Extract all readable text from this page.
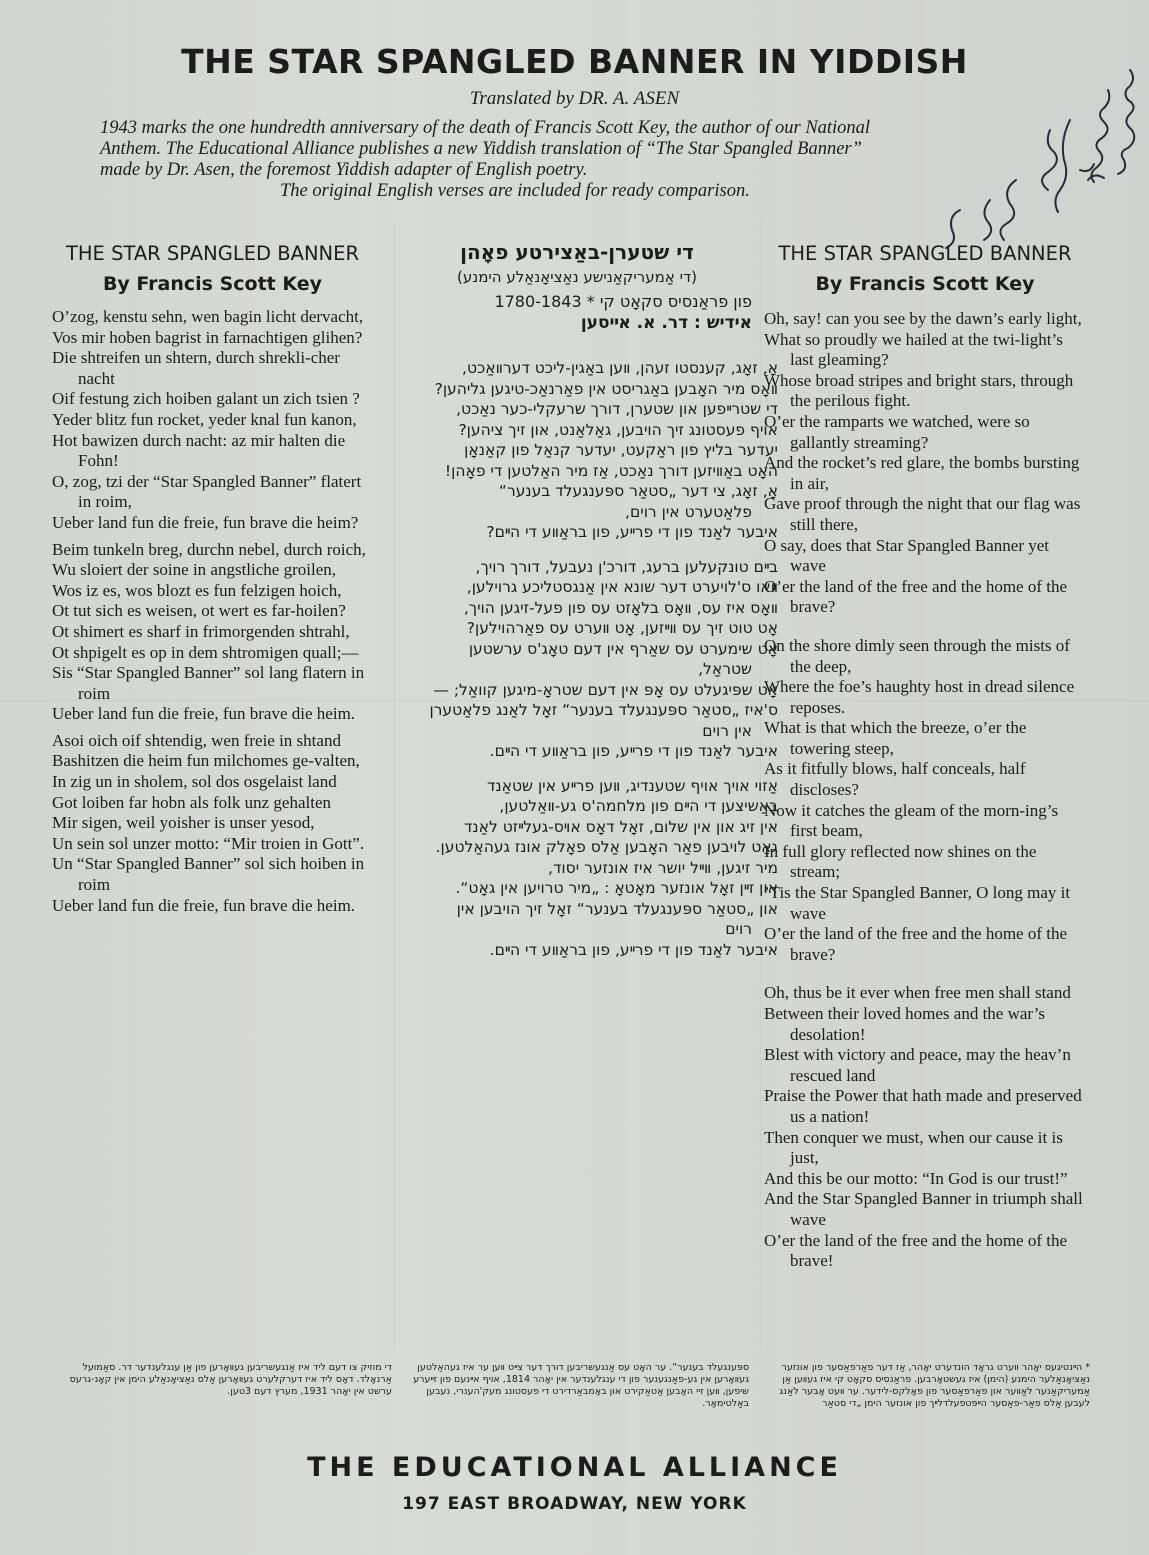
THE STAR SPANGLED BANNER IN YIDDISH
Translated by DR. A. ASEN
1943 marks the one hundredth anniversary of the death of Francis Scott Key, the author of our National
Anthem. The Educational Alliance publishes a new Yiddish translation of “The Star Spangled Banner”
made by Dr. Asen, the foremost Yiddish adapter of English poetry.
The original English verses are included for ready comparison.
THE STAR SPANGLED BANNER
By Francis Scott Key

O’zog, kenstu sehn, wen bagin licht dervacht,

Vos mir hoben bagrist in farnachtigen glihen?

Die shtreifen un shtern, durch shrekli-cher nacht

Oif festung zich hoiben galant un zich tsien ?

Yeder blitz fun rocket, yeder knal fun kanon,

Hot bawizen durch nacht: az mir halten die Fohn!

O, zog, tzi der “Star Spangled Banner” flatert in roim,

Ueber land fun die freie, fun brave die heim?

Beim tunkeln breg, durchn nebel, durch roich,

Wu sloiert der soine in angstliche groilen,

Wos iz es, wos blozt es fun felzigen hoich,

Ot tut sich es weisen, ot wert es far-hoilen?

Ot shimert es sharf in frimorgenden shtrahl,

Ot shpigelt es op in dem shtromigen quall;—

Sis “Star Spangled Banner” sol lang flatern in roim

Ueber land fun die freie, fun brave die heim.

Asoi oich oif shtendig, wen freie in shtand

Bashitzen die heim fun milchomes ge-valten,

In zig un in sholem, sol dos osgelaist land

Got loiben far hobn als folk unz gehalten

Mir sigen, weil yoisher is unser yesod,

Un sein sol unzer motto: “Mir troien in Gott”.

Un “Star Spangled Banner” sol sich hoiben in roim

Ueber land fun die freie, fun brave die heim.

די שטערן-באַצירטע פאָהן
(די אַמעריקאַנישע נאַציאָנאַלע הימנע)
פון פראַנסיס סקאָט קי * 1780-1843
אידיש : דר. א. אײסען

אָ, זאָג, קענסטו זעהן, װען באַגין-ליכט דערװאַכט,

װאָס מיר האָבען באַגריסט אין פאַרנאַכ-טיגען גליהען?

די שטרײפען און שטערן, דורך שרעקלי-כער נאַכט,

אויף פעסטונג זיך הויבען, גאַלאַנט, און זיך ציהען?

יעדער בליץ פון ראַקעט, יעדער קנאַל פון קאַנאָן

האָט באַװיזען דורך נאַכט, אַז מיר האַלטען די פאָהן!

אָ, זאָג, צי דער „סטאַר ספּענגעלד בענער“ פלאַטערט אין רוים,

איבער לאַנד פון די פרײע, פון בראַװע די הײם?

בײם טונקעלען ברעג, דורכ'ן נעבעל, דורך רויך,

װאו ס'לויערט דער שונא אין אַנגסטליכע גרוילען,

װאָס איז עס, װאָס בלאָזט עס פון פעל-זיגען הויך,

אָט טוט זיך עס װײזען, אָט װערט עס פאַרהוילען?

אָט שימערט עס שאַרף אין דעם טאָג'ס ערשטען שטראַל,

אָט שפּיגעלט עס אָפּ אין דעם שטראָ-מיגען קוואַל; —

ס'איז „סטאַר ספּענגעלד בענער“ זאָל לאַנג פלאַטערן אין רוים

איבער לאַנד פון די פרײע, פון בראַװע די הײם.

אַזוי אויך אויף שטענדיג, װען פרײע אין שטאַנד

באַשיצען די הײם פון מלחמה'ס גע-װאַלטען,

אין זיג און אין שלום, זאָל דאָס אױס-געלײזט לאַנד

גאָט לויבען פאַר האָבען אַלס פאָלק אונז געהאַלטען.

מיר זיגען, װײל יושר איז אונזער יסוד,

און זײן זאָל אונזער מאָטאָ : „מיר טרויען אין גאָט“.

און „סטאַר ספּענגעלד בענער“ זאָל זיך הויבען אין רוים

איבער לאַנד פון די פרײע, פון בראַװע די הײם.

THE STAR SPANGLED BANNER
By Francis Scott Key

Oh, say! can you see by the dawn’s early light,

What so proudly we hailed at the twi-light’s last gleaming?

Whose broad stripes and bright stars, through the perilous fight.

O’er the ramparts we watched, were so gallantly streaming?

And the rocket’s red glare, the bombs bursting in air,

Gave proof through the night that our flag was still there,

O say, does that Star Spangled Banner yet wave

O’er the land of the free and the home of the brave?

On the shore dimly seen through the mists of the deep,

Where the foe’s haughty host in dread silence reposes.

What is that which the breeze, o’er the towering steep,

As it fitfully blows, half conceals, half discloses?

Now it catches the gleam of the morn-ing’s first beam,

In full glory reflected now shines on the stream;

’Tis the Star Spangled Banner, O long may it wave

O’er the land of the free and the home of the brave?

Oh, thus be it ever when free men shall stand

Between their loved homes and the war’s desolation!

Blest with victory and peace, may the heav’n rescued land

Praise the Power that hath made and preserved us a nation!

Then conquer we must, when our cause it is just,

And this be our motto: “In God is our trust!”

And the Star Spangled Banner in triumph shall wave

O’er the land of the free and the home of the brave!

די מוזיק צו דעם ליד איז אַנגעשריבען געװאָרען פון אַן ענגלענדער דר. סאַמועל אַרנאָלד. דאָס ליד איז דערקלערט געװאָרען אַלס נאַציאָנאַלע הימן אין קאָנ-גרעס ערשט אין יאָהר 1931, מערץ דעם 3טען.
ספּענגעלד בענער“. ער האָט עס אַנגעשריבען דורך דער צײט װען ער איז געהאַלטען געװאָרען אין גע-פאַנגענער פון די ענגלענדער אין יאָהר 1814, אויף אײנעם פון זײערע שיפען, װען זיי האָבען אַטאַקירט און באָמבאַרדירט די פעסטונג מעק'הענרי, נעבען באַלטימאָר.
* הײנטיגעס יאָהר װערט גראָד הונדערט יאָהר, אַז דער פאַרפאַסער פון אונזער נאַציאָנאַלער הימנע (הימן) איז געשטאָרבען. פראַנסיס סקאָט קי איז געװען אַן אַמעריקאַנער לאַװער און פאַרפאַסער פון פאָלקס-לידער. ער װעט אָבער לאַנג לעבען אַלס פאַר-פאַסער הײפּטפעלדלײך פון אונזער הימן „די סטאַר
THE EDUCATIONAL ALLIANCE
197 EAST BROADWAY, NEW YORK
